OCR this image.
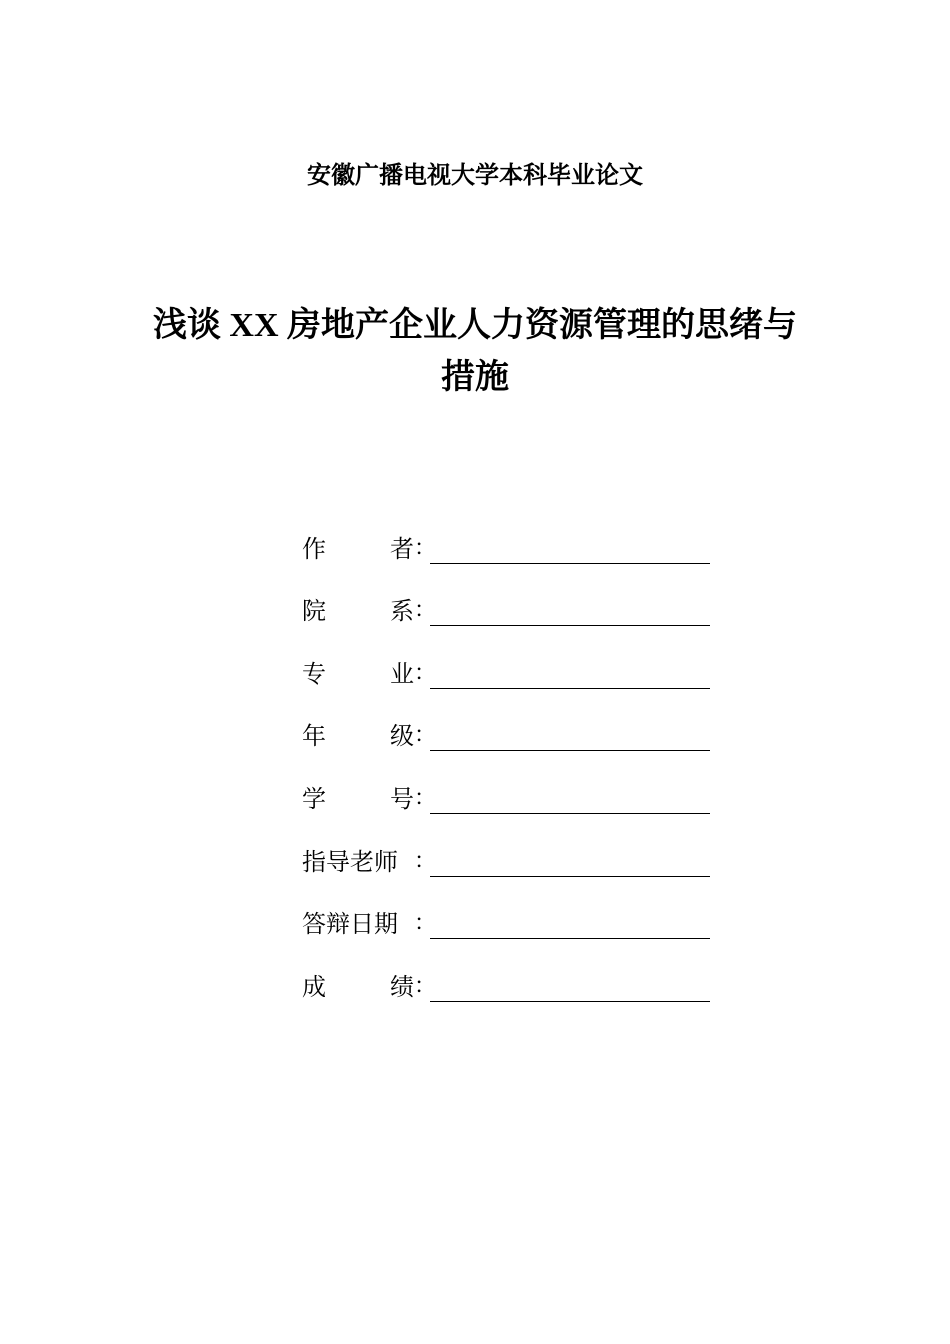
安徽广播电视大学本科毕业论文
浅谈 XX 房地产企业人力资源管理的思绪与
措施
作	者 ：
院	系 ：
专	业 ：
年	级 ：
学	号 ：
指导老师 ：
答辩日期 ：
成	绩 ：
